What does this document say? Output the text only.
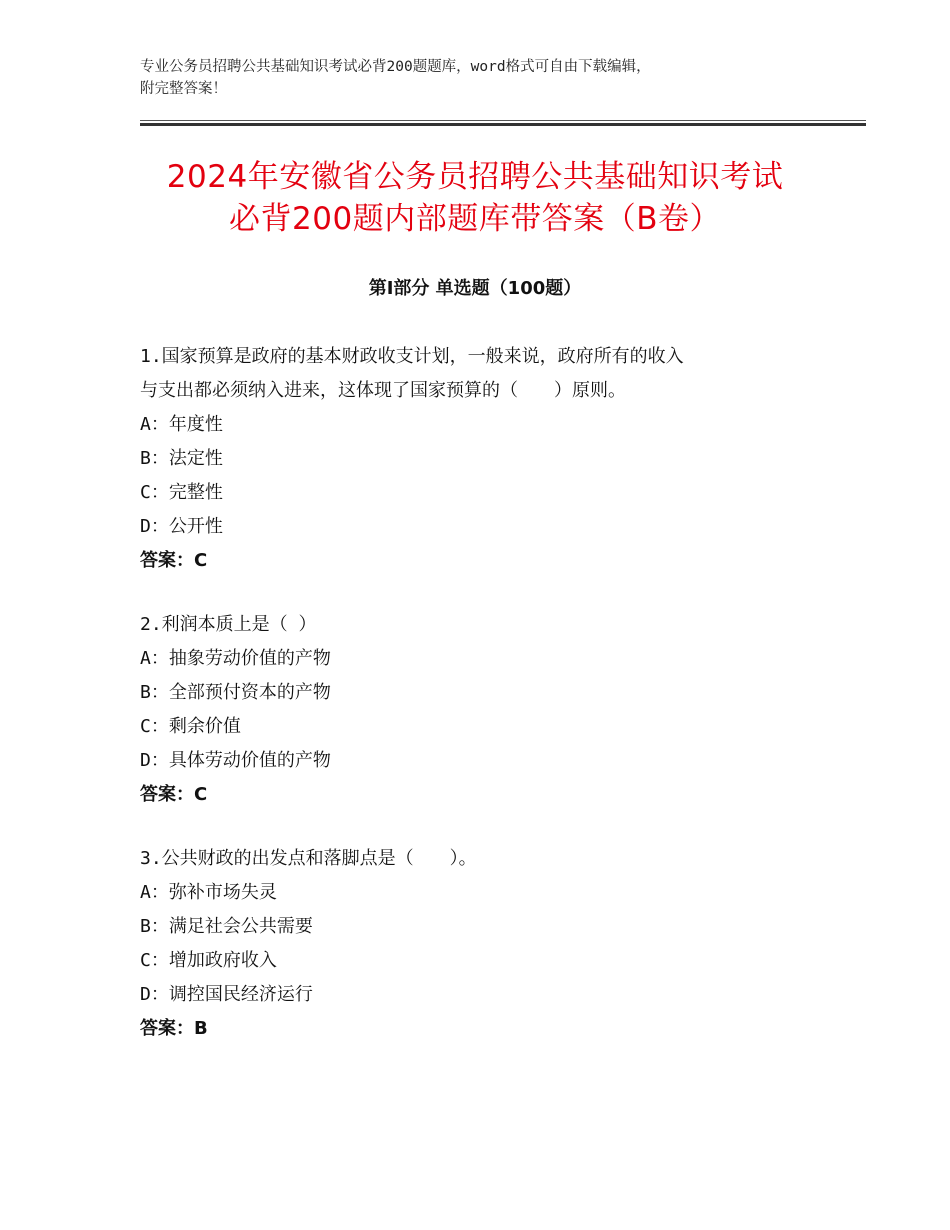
专业公务员招聘公共基础知识考试必背200题题库，word格式可自由下载编辑，
附完整答案！
2024年安徽省公务员招聘公共基础知识考试
必背200题内部题库带答案（B卷）
第Ⅰ部分 单选题（100题）

1.国家预算是政府的基本财政收支计划，一般来说，政府所有的收入
与支出都必须纳入进来，这体现了国家预算的（　　）原则。

A：年度性

B：法定性

C：完整性

D：公开性

答案：C

2.利润本质上是（ ）

A：抽象劳动价值的产物

B：全部预付资本的产物

C：剩余价值

D：具体劳动价值的产物

答案：C

3.公共财政的出发点和落脚点是（　　）。

A：弥补市场失灵

B：满足社会公共需要

C：增加政府收入

D：调控国民经济运行

答案：B
